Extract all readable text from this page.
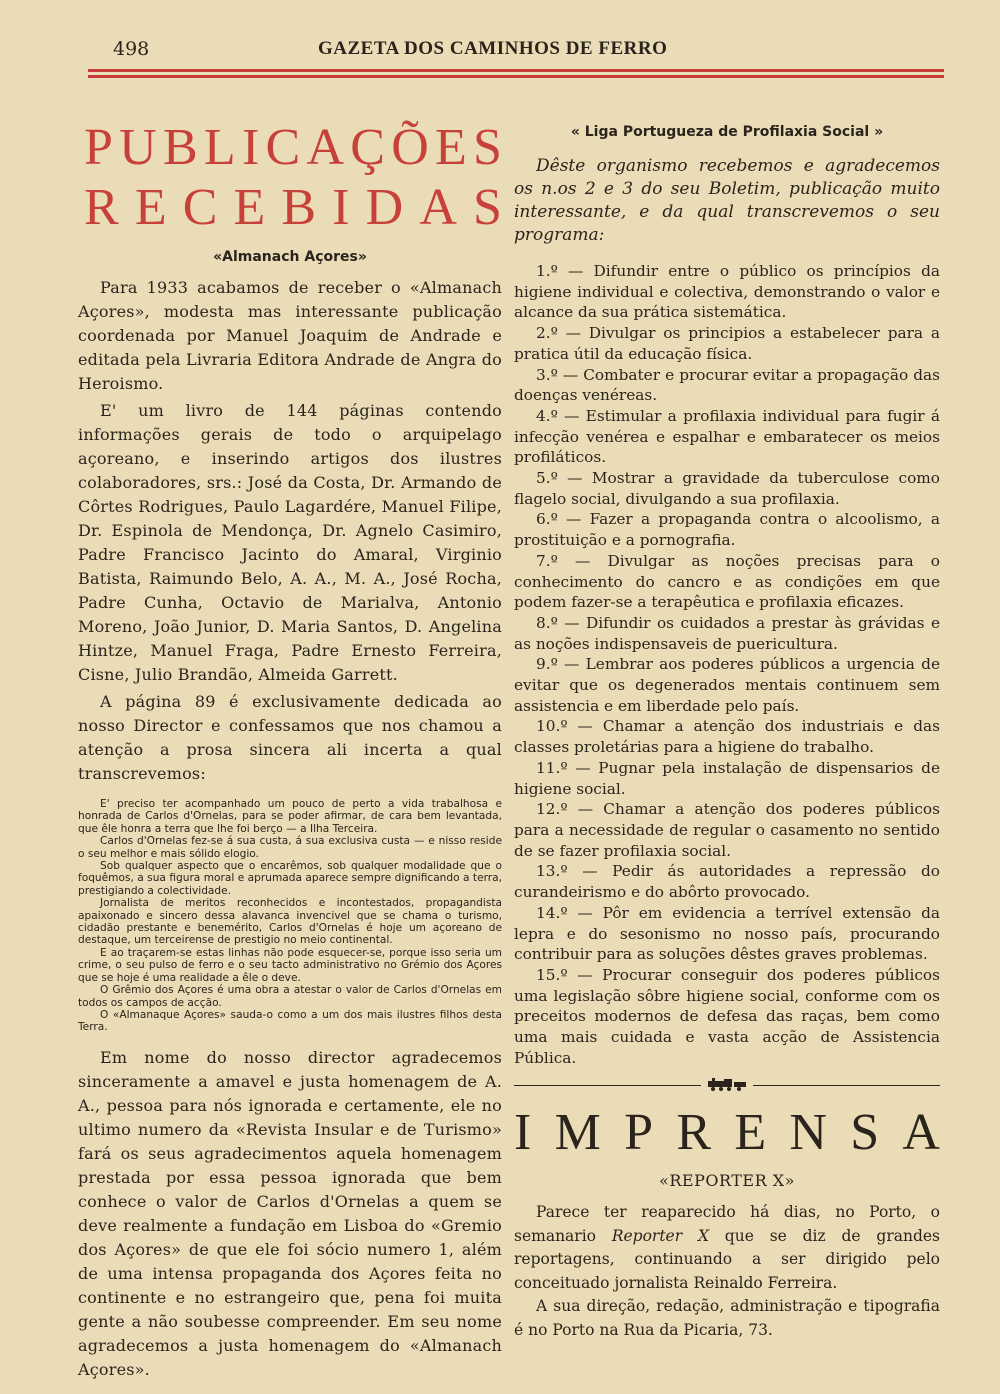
498	GAZETA DOS CAMINHOS DE FERRO
P U B L I C A Ç Õ E S
R E C E B I D A S
«Almanach Açores»

Para 1933 acabamos de receber o «Almanach Açores», modesta mas interessante publicação coordenada por Manuel Joaquim de Andrade e editada pela Livraria Editora Andrade de Angra do Heroismo.

E' um livro de 144 páginas contendo informações gerais de todo o arquipelago açoreano, e inserindo artigos dos ilustres colaboradores, srs.: José da Costa, Dr. Armando de Côrtes Rodrigues, Paulo Lagardére, Manuel Filipe, Dr. Espinola de Mendonça, Dr. Agnelo Casimiro, Padre Francisco Jacinto do Amaral, Virginio Batista, Raimundo Belo, A. A., M. A., José Rocha, Padre Cunha, Octavio de Marialva, Antonio Moreno, João Junior, D. Maria Santos, D. Angelina Hintze, Manuel Fraga, Padre Ernesto Ferreira, Cisne, Julio Brandão, Almeida Garrett.

A página 89 é exclusivamente dedicada ao nosso Director e confessamos que nos chamou a atenção a prosa sincera ali incerta a qual transcrevemos:

E' preciso ter acompanhado um pouco de perto a vida trabalhosa e honrada de Carlos d'Ornelas, para se poder afirmar, de cara bem levantada, que êle honra a terra que lhe foi berço — a Ilha Terceira.

Carlos d'Ornelas fez-se á sua custa, á sua exclusiva custa — e nisso reside o seu melhor e mais sólido elogio.

Sob qualquer aspecto que o encarêmos, sob qualquer modalidade que o foquêmos, a sua figura moral e aprumada aparece sempre dignificando a terra, prestigiando a colectividade.

Jornalista de meritos reconhecidos e incontestados, propagandista apaixonado e sincero dessa alavanca invencivel que se chama o turismo, cidadão prestante e benemérito, Carlos d'Ornelas é hoje um açoreano de destaque, um terceirense de prestigio no meio continental.

E ao traçarem-se estas linhas não pode esquecer-se, porque isso seria um crime, o seu pulso de ferro e o seu tacto administrativo no Grémio dos Açores que se hoje é uma realidade a êle o deve.

O Grêmio dos Açores é uma obra a atestar o valor de Carlos d'Ornelas em todos os campos de acção.

O «Almanaque Açores» sauda-o como a um dos mais ilustres filhos desta Terra.

Em nome do nosso director agradecemos sinceramente a amavel e justa homenagem de A. A., pessoa para nós ignorada e certamente, ele no ultimo numero da «Revista Insular e de Turismo» fará os seus agradecimentos aquela homenagem prestada por essa pessoa ignorada que bem conhece o valor de Carlos d'Ornelas a quem se deve realmente a fundação em Lisboa do «Gremio dos Açores» de que ele foi sócio numero 1, além de uma intensa propaganda dos Açores feita no continente e no estrangeiro que, pena foi muita gente a não soubesse compreender. Em seu nome agradecemos a justa homenagem do «Almanach Açores».

« Liga Portugueza de Profilaxia Social »

Dêste organismo recebemos e agradecemos os n.os 2 e 3 do seu Boletim, publicação muito interessante, e da qual transcrevemos o seu programa:

1.º — Difundir entre o público os princípios da higiene individual e colectiva, demonstrando o valor e alcance da sua prática sistemática.

2.º — Divulgar os principios a estabelecer para a pratica útil da educação física.

3.º — Combater e procurar evitar a propagação das doenças venéreas.

4.º — Estimular a profilaxia individual para fugir á infecção venérea e espalhar e embaratecer os meios profiláticos.

5.º — Mostrar a gravidade da tuberculose como flagelo social, divulgando a sua profilaxia.

6.º — Fazer a propaganda contra o alcoolismo, a prostituição e a pornografia.

7.º — Divulgar as noções precisas para o conhecimento do cancro e as condições em que podem fazer-se a terapêutica e profilaxia eficazes.

8.º — Difundir os cuidados a prestar às grávidas e as noções indispensaveis de puericultura.

9.º — Lembrar aos poderes públicos a urgencia de evitar que os degenerados mentais continuem sem assistencia e em liberdade pelo país.

10.º — Chamar a atenção dos industriais e das classes proletárias para a higiene do trabalho.

11.º — Pugnar pela instalação de dispensarios de higiene social.

12.º — Chamar a atenção dos poderes públicos para a necessidade de regular o casamento no sentido de se fazer profilaxia social.

13.º — Pedir ás autoridades a repressão do curandeirismo e do abôrto provocado.

14.º — Pôr em evidencia a terrível extensão da lepra e do sesonismo no nosso país, procurando contribuir para as soluções dêstes graves problemas.

15.º — Procurar conseguir dos poderes públicos uma legislação sôbre higiene social, conforme com os preceitos modernos de defesa das raças, bem como uma mais cuidada e vasta acção de Assistencia Pública.

I M P R E N S A
«REPORTER X»

Parece ter reaparecido há dias, no Porto, o semanario Reporter X que se diz de grandes reportagens, continuando a ser dirigido pelo conceituado jornalista Reinaldo Ferreira.

A sua direção, redação, administração e tipografia é no Porto na Rua da Picaria, 73.
